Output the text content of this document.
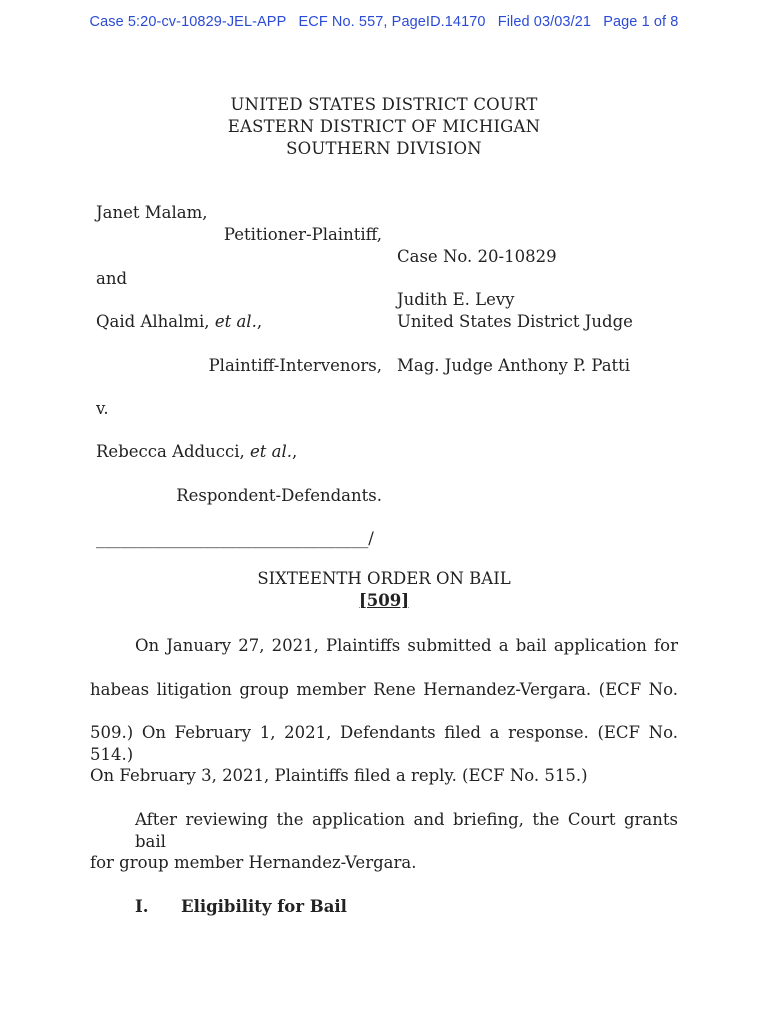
Case 5:20-cv-10829-JEL-APP ECF No. 557, PageID.14170 Filed 03/03/21 Page 1 of 8
UNITED STATES DISTRICT COURT
EASTERN DISTRICT OF MICHIGAN
SOUTHERN DIVISION
Janet Malam,
Petitioner-Plaintiff,
and
Qaid Alhalmi, et al.,
Plaintiff-Intervenors,
v.
Rebecca Adducci, et al.,
Respondent-Defendants.
_________________________________/
Case No. 20-10829
Judith E. Levy
United States District Judge
Mag. Judge Anthony P. Patti
SIXTEENTH ORDER ON BAIL
[509]
On January 27, 2021, Plaintiffs submitted a bail application for
habeas litigation group member Rene Hernandez-Vergara. (ECF No.
509.) On February 1, 2021, Defendants filed a response. (ECF No. 514.)
On February 3, 2021, Plaintiffs filed a reply. (ECF No. 515.)
After reviewing the application and briefing, the Court grants bail
for group member Hernandez-Vergara.
I. Eligibility for Bail
